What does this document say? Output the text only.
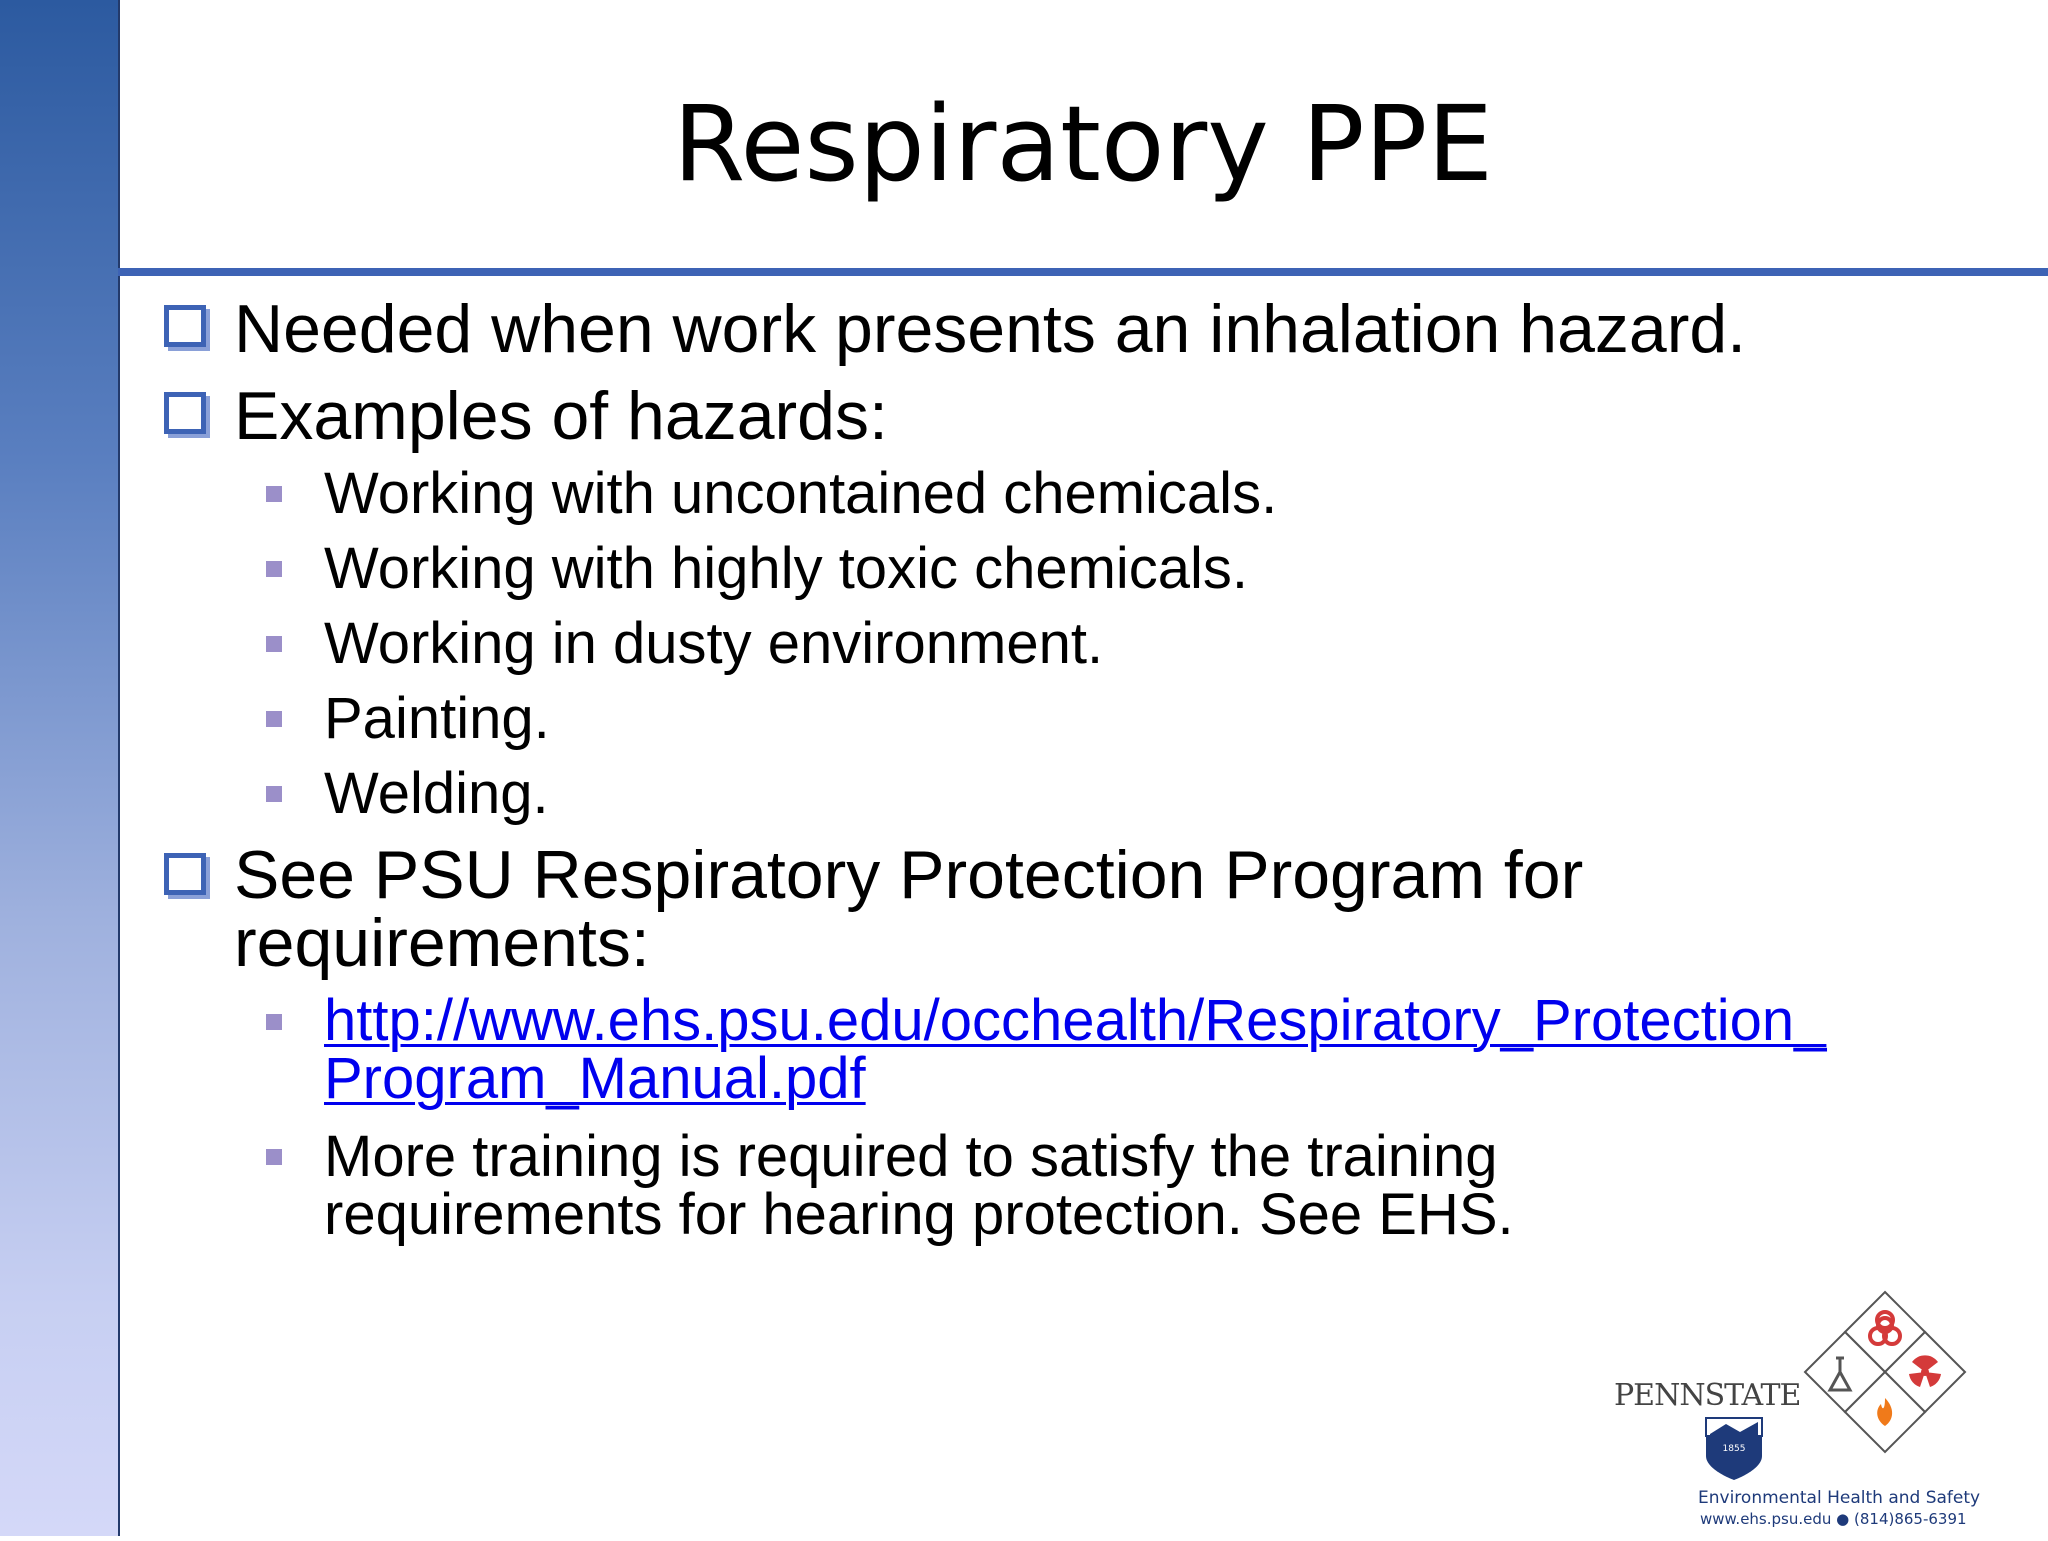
Respiratory PPE
Needed when work presents an inhalation hazard.
Examples of hazards:
Working with uncontained chemicals.
Working with highly toxic chemicals.
Working in dusty environment.
Painting.
Welding.
See PSU Respiratory Protection Program for
requirements:
http://www.ehs.psu.edu/occhealth/Respiratory_Protection_
Program_Manual.pdf
More training is required to satisfy the training
requirements for hearing protection. See EHS.
PENNSTATE
1855
Environmental Health and Safety
www.ehs.psu.edu ● (814)865-6391
